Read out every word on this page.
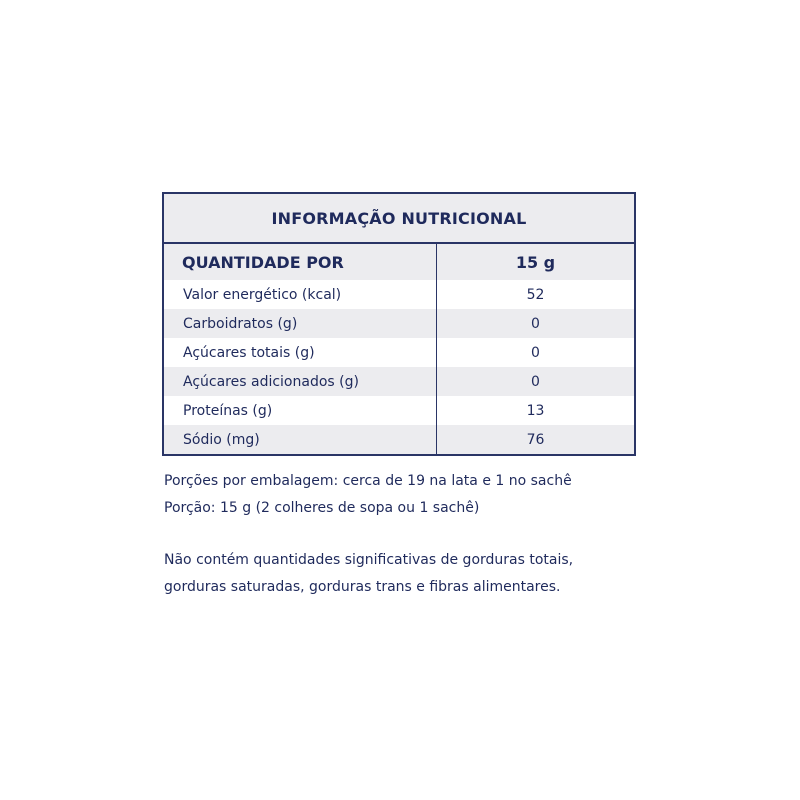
INFORMAÇÃO NUTRICIONAL
QUANTIDADE POR	15 g
Valor energético (kcal)	52
Carboidratos (g)	0
Açúcares totais (g)	0
Açúcares adicionados (g)	0
Proteínas (g)	13
Sódio (mg)	76

Porções por embalagem: cerca de 19 na lata e 1 no sachê

Porção: 15 g (2 colheres de sopa ou 1 sachê)

Não contém quantidades significativas de gorduras totais,

gorduras saturadas, gorduras trans e fibras alimentares.
